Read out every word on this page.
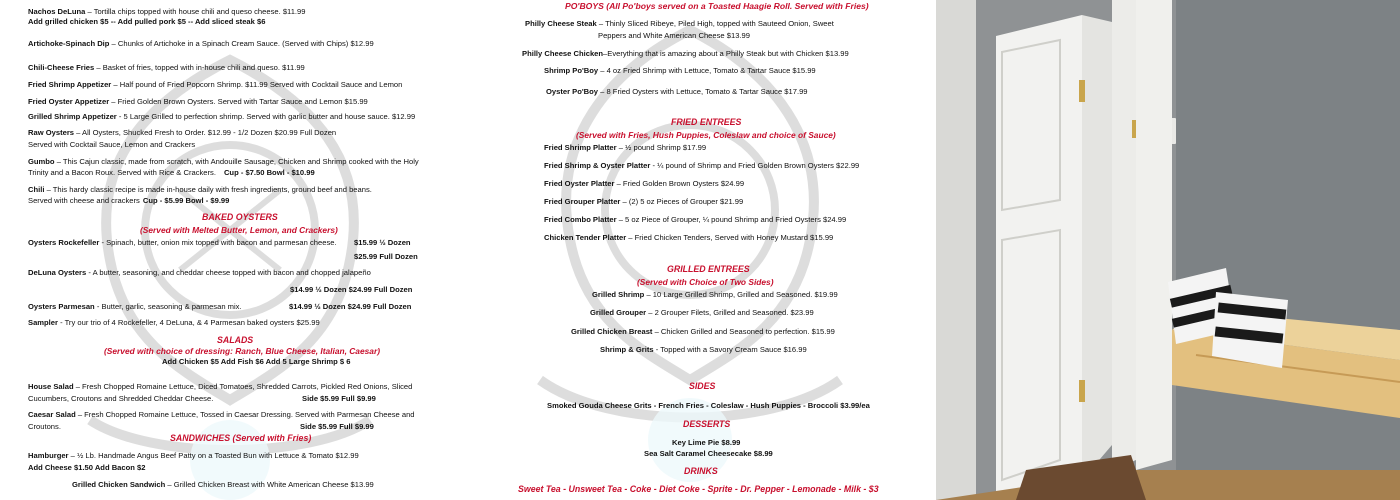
Nachos DeLuna – Tortilla chips topped with house chili and queso cheese. $11.99
Add grilled chicken $5 -- Add pulled pork $5 -- Add sliced steak $6
Artichoke-Spinach Dip – Chunks of Artichoke in a Spinach Cream Sauce. (Served with Chips) $12.99
Chili-Cheese Fries – Basket of fries, topped with in-house chili and queso. $11.99
Fried Shrimp Appetizer – Half pound of Fried Popcorn Shrimp. $11.99 Served with Cocktail Sauce and Lemon
Fried Oyster Appetizer – Fried Golden Brown Oysters. Served with Tartar Sauce and Lemon $15.99
Grilled Shrimp Appetizer - 5 Large Grilled to perfection shrimp. Served with garlic butter and house sauce. $12.99
Raw Oysters – All Oysters, Shucked Fresh to Order. $12.99 - 1/2 Dozen $20.99 Full Dozen
Served with Cocktail Sauce, Lemon and Crackers
Gumbo – This Cajun classic, made from scratch, with Andouille Sausage, Chicken and Shrimp cooked with the Holy
Trinity and a Bacon Roux. Served with Rice & Crackers. Cup - $7.50 Bowl - $10.99
Chili – This hardy classic recipe is made in-house daily with fresh ingredients, ground beef and beans.
Served with cheese and crackers Cup - $5.99 Bowl - $9.99
BAKED OYSTERS
(Served with Melted Butter, Lemon, and Crackers)
Oysters Rockefeller - Spinach, butter, onion mix topped with bacon and parmesan cheese. $15.99 ½ Dozen
$25.99 Full Dozen
DeLuna Oysters - A butter, seasoning, and cheddar cheese topped with bacon and chopped jalapeño
$14.99 ½ Dozen $24.99 Full Dozen
Oysters Parmesan - Butter, garlic, seasoning & parmesan mix.	$14.99 ½ Dozen $24.99 Full Dozen
Sampler - Try our trio of 4 Rockefeller, 4 DeLuna, & 4 Parmesan baked oysters $25.99
SALADS
(Served with choice of dressing: Ranch, Blue Cheese, Italian, Caesar)
Add Chicken $5 Add Fish $6 Add 5 Large Shrimp $ 6
House Salad – Fresh Chopped Romaine Lettuce, Diced Tomatoes, Shredded Carrots, Pickled Red Onions, Sliced
Cucumbers, Croutons and Shredded Cheddar Cheese.	Side $5.99 Full $9.99
Caesar Salad – Fresh Chopped Romaine Lettuce, Tossed in Caesar Dressing. Served with Parmesan Cheese and
Croutons.	Side $5.99 Full $9.99
SANDWICHES (Served with Fries)
Hamburger – ½ Lb. Handmade Angus Beef Patty on a Toasted Bun with Lettuce & Tomato $12.99
Add Cheese $1.50 Add Bacon $2
Grilled Chicken Sandwich – Grilled Chicken Breast with White American Cheese $13.99
PO'BOYS (All Po'boys served on a Toasted Haagie Roll. Served with Fries)
Philly Cheese Steak – Thinly Sliced Ribeye, Piled High, topped with Sauteed Onion, Sweet
Peppers and White American Cheese $13.99
Philly Cheese Chicken–Everything that is amazing about a Philly Steak but with Chicken $13.99
Shrimp Po'Boy – 4 oz Fried Shrimp with Lettuce, Tomato & Tartar Sauce $15.99
Oyster Po'Boy – 8 Fried Oysters with Lettuce, Tomato & Tartar Sauce $17.99
FRIED ENTREES
(Served with Fries, Hush Puppies, Coleslaw and choice of Sauce)
Fried Shrimp Platter – ½ pound Shrimp $17.99
Fried Shrimp & Oyster Platter - ¼ pound of Shrimp and Fried Golden Brown Oysters $22.99
Fried Oyster Platter – Fried Golden Brown Oysters $24.99
Fried Grouper Platter – (2) 5 oz Pieces of Grouper $21.99
Fried Combo Platter – 5 oz Piece of Grouper, ¼ pound Shrimp and Fried Oysters $24.99
Chicken Tender Platter – Fried Chicken Tenders, Served with Honey Mustard $15.99
GRILLED ENTREES
(Served with Choice of Two Sides)
Grilled Shrimp – 10 Large Grilled Shrimp, Grilled and Seasoned. $19.99
Grilled Grouper – 2 Grouper Filets, Grilled and Seasoned. $23.99
Grilled Chicken Breast – Chicken Grilled and Seasoned to perfection. $15.99
Shrimp & Grits - Topped with a Savory Cream Sauce $16.99
SIDES
Smoked Gouda Cheese Grits - French Fries - Coleslaw - Hush Puppies - Broccoli $3.99/ea
DESSERTS
Key Lime Pie $8.99
Sea Salt Caramel Cheesecake $8.99
DRINKS
Sweet Tea - Unsweet Tea - Coke - Diet Coke - Sprite - Dr. Pepper - Lemonade - Milk - $3
